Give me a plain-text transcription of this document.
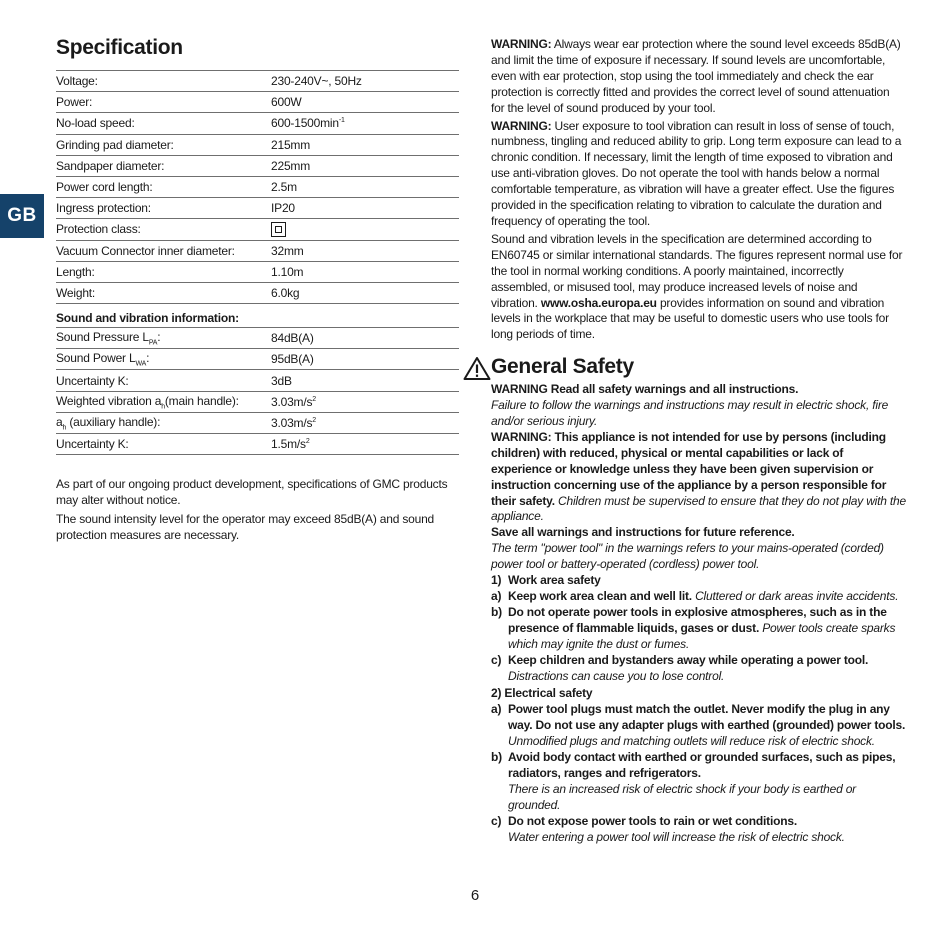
GB
Specification
Voltage:	230-240V~, 50Hz
Power:	600W
No-load speed:	$600-1500\min^{-1}$
Grinding pad diameter:	215mm
Sandpaper diameter:	225mm
Power cord length:	2.5m
Ingress protection:	IP20
Protection class:
Vacuum Connector inner diameter:	32mm
Length:	1.10m
Weight:	6.0kg
Sound and vibration information:
Sound Pressure $L_{PA}$:	84dB(A)
Sound Power $L_{WA}$:	95dB(A)
Uncertainty K:	3dB
Weighted vibration $a_h(main$ handle):	$3.03m/s^2$
$a_h$ (auxiliary handle):	$3.03m/s^2$
Uncertainty K:	$1.5m/s^2$

As part of our ongoing product development, specifications of GMC products may alter without notice.

The sound intensity level for the operator may exceed 85dB(A) and sound protection measures are necessary.

WARNING: Always wear ear protection where the sound level exceeds 85dB(A) and limit the time of exposure if necessary. If sound levels are uncomfortable, even with ear protection, stop using the tool immediately and check the ear protection is correctly fitted and provides the correct level of sound attenuation for the level of sound produced by your tool.

WARNING: User exposure to tool vibration can result in loss of sense of touch, numbness, tingling and reduced ability to grip. Long term exposure can lead to a chronic condition. If necessary, limit the length of time exposed to vibration and use anti-vibration gloves. Do not operate the tool with hands below a normal comfortable temperature, as vibration will have a greater effect. Use the figures provided in the specification relating to vibration to calculate the duration and frequency of operating the tool.

Sound and vibration levels in the specification are determined according to EN60745 or similar international standards. The figures represent normal use for the tool in normal working conditions. A poorly maintained, incorrectly assembled, or misused tool, may produce increased levels of noise and vibration. www.osha.europa.eu provides information on sound and vibration levels in the workplace that may be useful to domestic users who use tools for long periods of time.

General Safety
WARNING Read all safety warnings and all instructions.
Failure to follow the warnings and instructions may result in electric shock, fire and/or serious injury.
WARNING: This appliance is not intended for use by persons (including children) with reduced, physical or mental capabilities or lack of experience or knowledge unless they have been given supervision or instruction concerning use of the appliance by a person responsible for their safety. Children must be supervised to ensure that they do not play with the appliance.
Save all warnings and instructions for future reference.
The term "power tool" in the warnings refers to your mains-operated (corded) power tool or battery-operated (cordless) power tool.
1) Work area safety
a) Keep work area clean and well lit. Cluttered or dark areas invite accidents.
b) Do not operate power tools in explosive atmospheres, such as in the presence of flammable liquids, gases or dust. Power tools create sparks which may ignite the dust or fumes.
c) Keep children and bystanders away while operating a power tool.
Distractions can cause you to lose control.
2) Electrical safety
a) Power tool plugs must match the outlet. Never modify the plug in any way. Do not use any adapter plugs with earthed (grounded) power tools. Unmodified plugs and matching outlets will reduce risk of electric shock.
b) Avoid body contact with earthed or grounded surfaces, such as pipes, radiators, ranges and refrigerators.
There is an increased risk of electric shock if your body is earthed or grounded.
c) Do not expose power tools to rain or wet conditions.
Water entering a power tool will increase the risk of electric shock.
6
